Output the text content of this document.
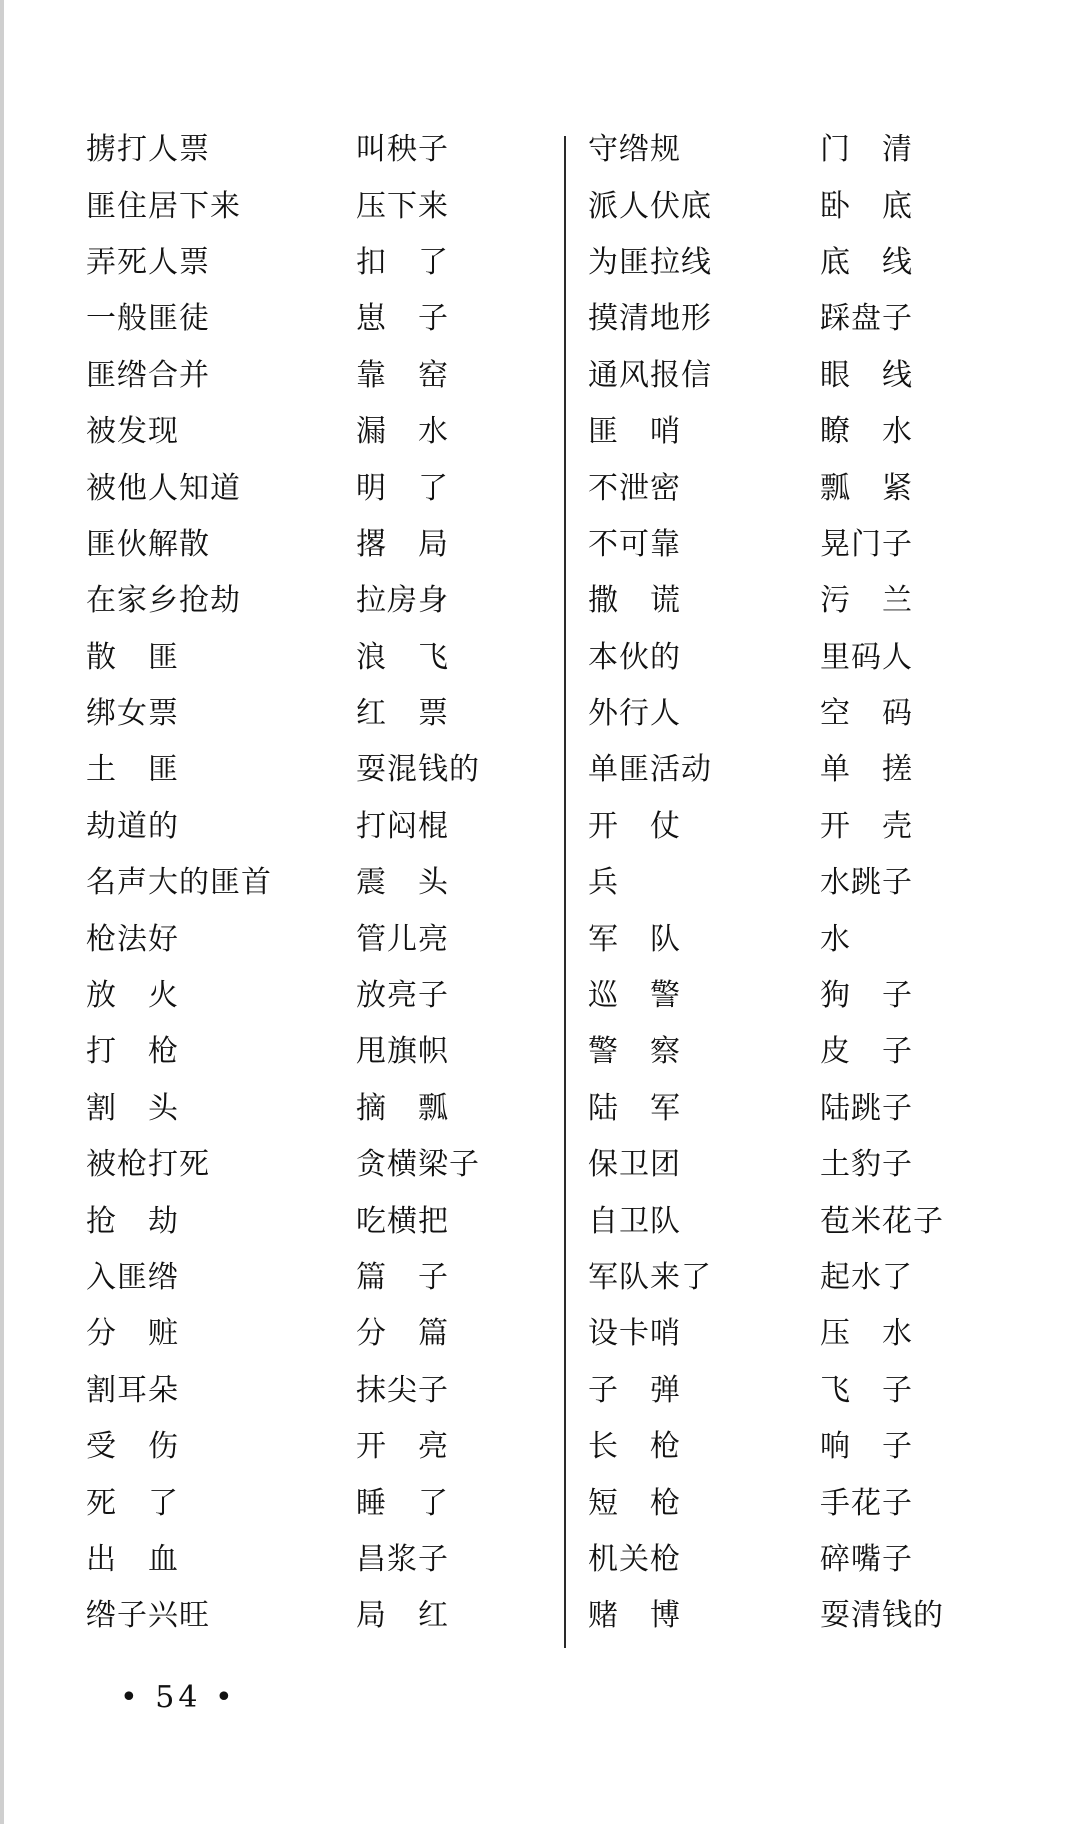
掳打人票	叫秧子
匪住居下来	压下来
弄死人票	扣　了
一般匪徒	崽　子
匪绺合并	靠　窑
被发现	漏　水
被他人知道	明　了
匪伙解散	撂　局
在家乡抢劫	拉房身
散　匪	浪　飞
绑女票	红　票
土　匪	耍混钱的
劫道的	打闷棍
名声大的匪首	震　头
枪法好	管儿亮
放　火	放亮子
打　枪	甩旗帜
割　头	摘　瓢
被枪打死	贪横梁子
抢　劫	吃横把
入匪绺	篇　子
分　赃	分　篇
割耳朵	抹尖子
受　伤	开　亮
死　了	睡　了
出　血	昌浆子
绺子兴旺	局　红
守绺规	门　清
派人伏底	卧　底
为匪拉线	底　线
摸清地形	踩盘子
通风报信	眼　线
匪　哨	瞭　水
不泄密	瓢　紧
不可靠	晃门子
撒　谎	污　兰
本伙的	里码人
外行人	空　码
单匪活动	单　搓
开　仗	开　壳
兵	水跳子
军　队	水
巡　警	狗　子
警　察	皮　子
陆　军	陆跳子
保卫团	土豹子
自卫队	苞米花子
军队来了	起水了
设卡哨	压　水
子　弹	飞　子
长　枪	响　子
短　枪	手花子
机关枪	碎嘴子
赌　博	耍清钱的
• 54 •
